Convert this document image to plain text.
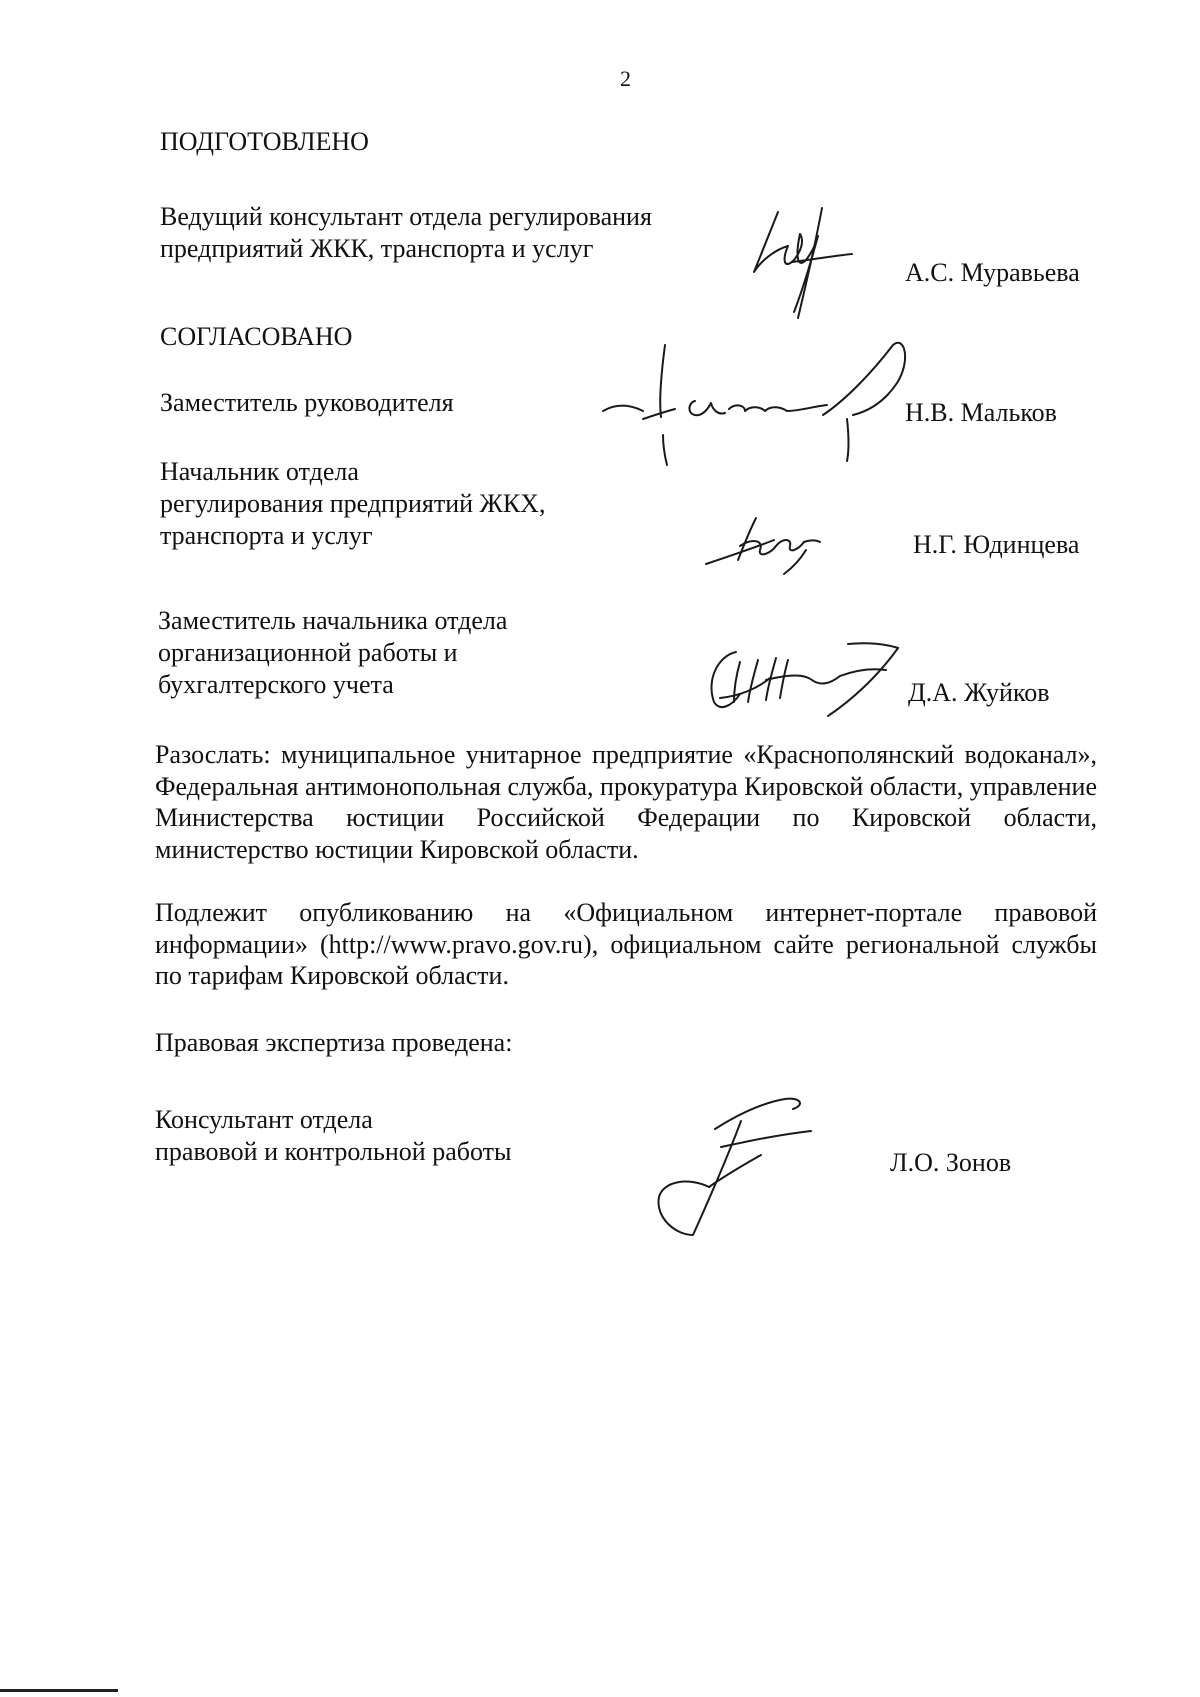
2
ПОДГОТОВЛЕНО
Ведущий консультант отдела регулирования
предприятий ЖКК, транспорта и услуг
А.С. Муравьева
СОГЛАСОВАНО
Заместитель руководителя	Н.В. Мальков
Начальник отдела
регулирования предприятий ЖКХ,
транспорта и услуг	Н.Г. Юдинцева
Заместитель начальника отдела
организационной работы и
бухгалтерского учета	Д.А. Жуйков
Разослать: муниципальное унитарное предприятие «Краснополянский водоканал», Федеральная антимонопольная служба, прокуратура Кировской области, управление Министерства юстиции Российской Федерации по Кировской области, министерство юстиции Кировской области.
Подлежит опубликованию на «Официальном интернет-портале правовой информации» (http://www.pravo.gov.ru), официальном сайте региональной службы по тарифам Кировской области.
Правовая экспертиза проведена:
Консультант отдела
правовой и контрольной работы	Л.О. Зонов
